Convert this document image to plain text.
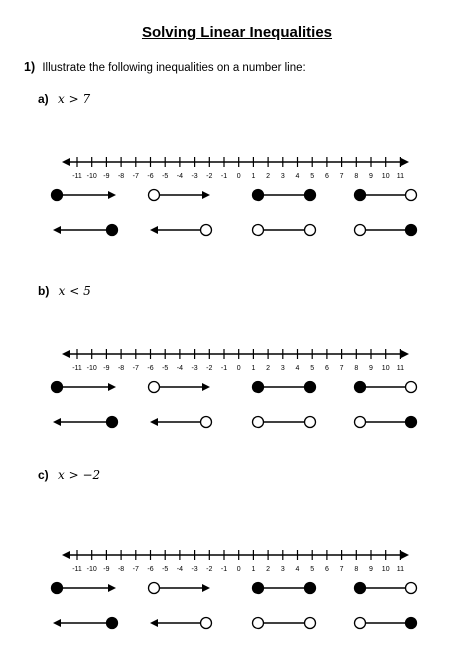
Solving Linear Inequalities
1) Illustrate the following inequalities on a number line:
a) x > 7
-11 -10 -9 -8 -7 -6 -5 -4 -3 -2 -1 0 1 2 3 4 5 6 7 8 9 10 11
b) x < 5
-11 -10 -9 -8 -7 -6 -5 -4 -3 -2 -1 0 1 2 3 4 5 6 7 8 9 10 11
c) x > −2
-11 -10 -9 -8 -7 -6 -5 -4 -3 -2 -1 0 1 2 3 4 5 6 7 8 9 10 11
